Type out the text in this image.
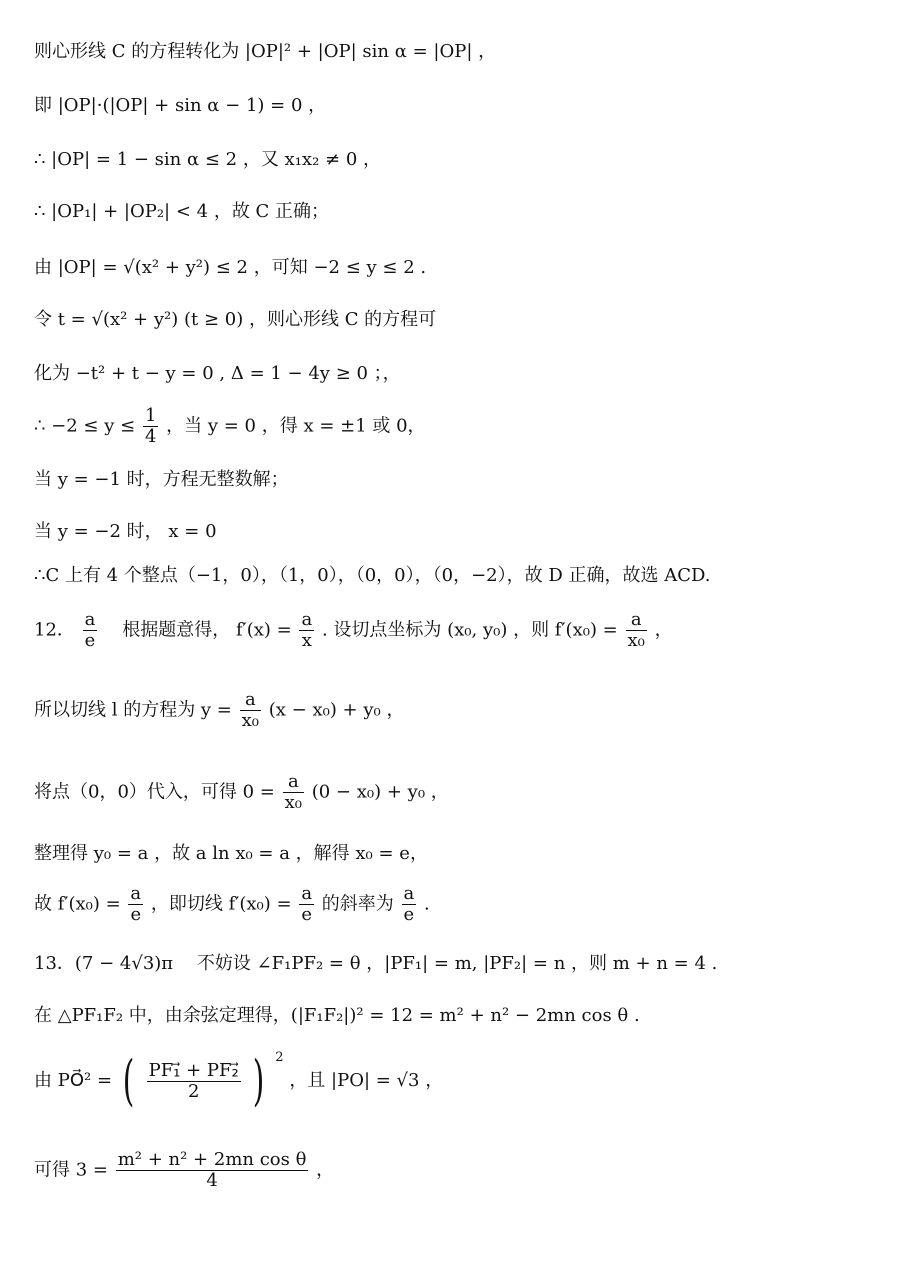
则心形线 C 的方程转化为 |OP|² + |OP| sin α = |OP| ，
即 |OP|·(|OP| + sin α − 1) = 0 ，
∴ |OP| = 1 − sin α ≤ 2 ，又 x₁x₂ ≠ 0 ，
∴ |OP₁| + |OP₂| < 4 ，故 C 正确；
由 |OP| = √(x² + y²) ≤ 2 ，可知 −2 ≤ y ≤ 2 .
令 t = √(x² + y²) (t ≥ 0) ，则心形线 C 的方程可
化为 −t² + t − y = 0 , Δ = 1 − 4y ≥ 0 ；，
∴ $-2 \le y \le \frac{1}{4}$ ，当 y = 0 ，得 x = ±1 或 0，
当 y = −1 时，方程无整数解；
当 y = −2 时， x = 0
∴C 上有 4 个整点（−1，0），（1，0），（0，0），（0，−2），故 D 正确，故选 ACD.
12． $\frac{a}{e}$ 根据题意得， $f'(x) = \frac{a}{x}$ . 设切点坐标为 (x₀, y₀) ，则 $f'(x_0) = \frac{a}{\text{x₀}}$ ，
所以切线 l 的方程为 $y = \frac{a}{\text{x₀}} (x - x_0) + y_0$ ，
将点（0，0）代入，可得 $0 = \frac{a}{\text{x₀}} (0 - x_0) + y_0$ ，
整理得 y₀ = a ，故 a ln x₀ = a ，解得 x₀ = e，
故 $f'(x_0) = \frac{a}{e}$ ，即切线 $f'(x_0) = \frac{a}{e}$ 的斜率为 $\frac{a}{e}$ .
13．(7 − 4√3)π　 不妨设 ∠F₁PF₂ = θ ，|PF₁| = m, |PF₂| = n ，则 m + n = 4 .
在 △PF₁F₂ 中，由余弦定理得，(|F₁F₂|)² = 12 = m² + n² − 2mn cos θ .
由 PO⃗² = ( $\frac{\text{PF₁⃗ + PF₂⃗}}{2}$ ) $^2$ ，且 |PO| = √3 ，
可得 $3 = \frac{\text{m² + n² + 2mn cos θ}}{4}$ ，
